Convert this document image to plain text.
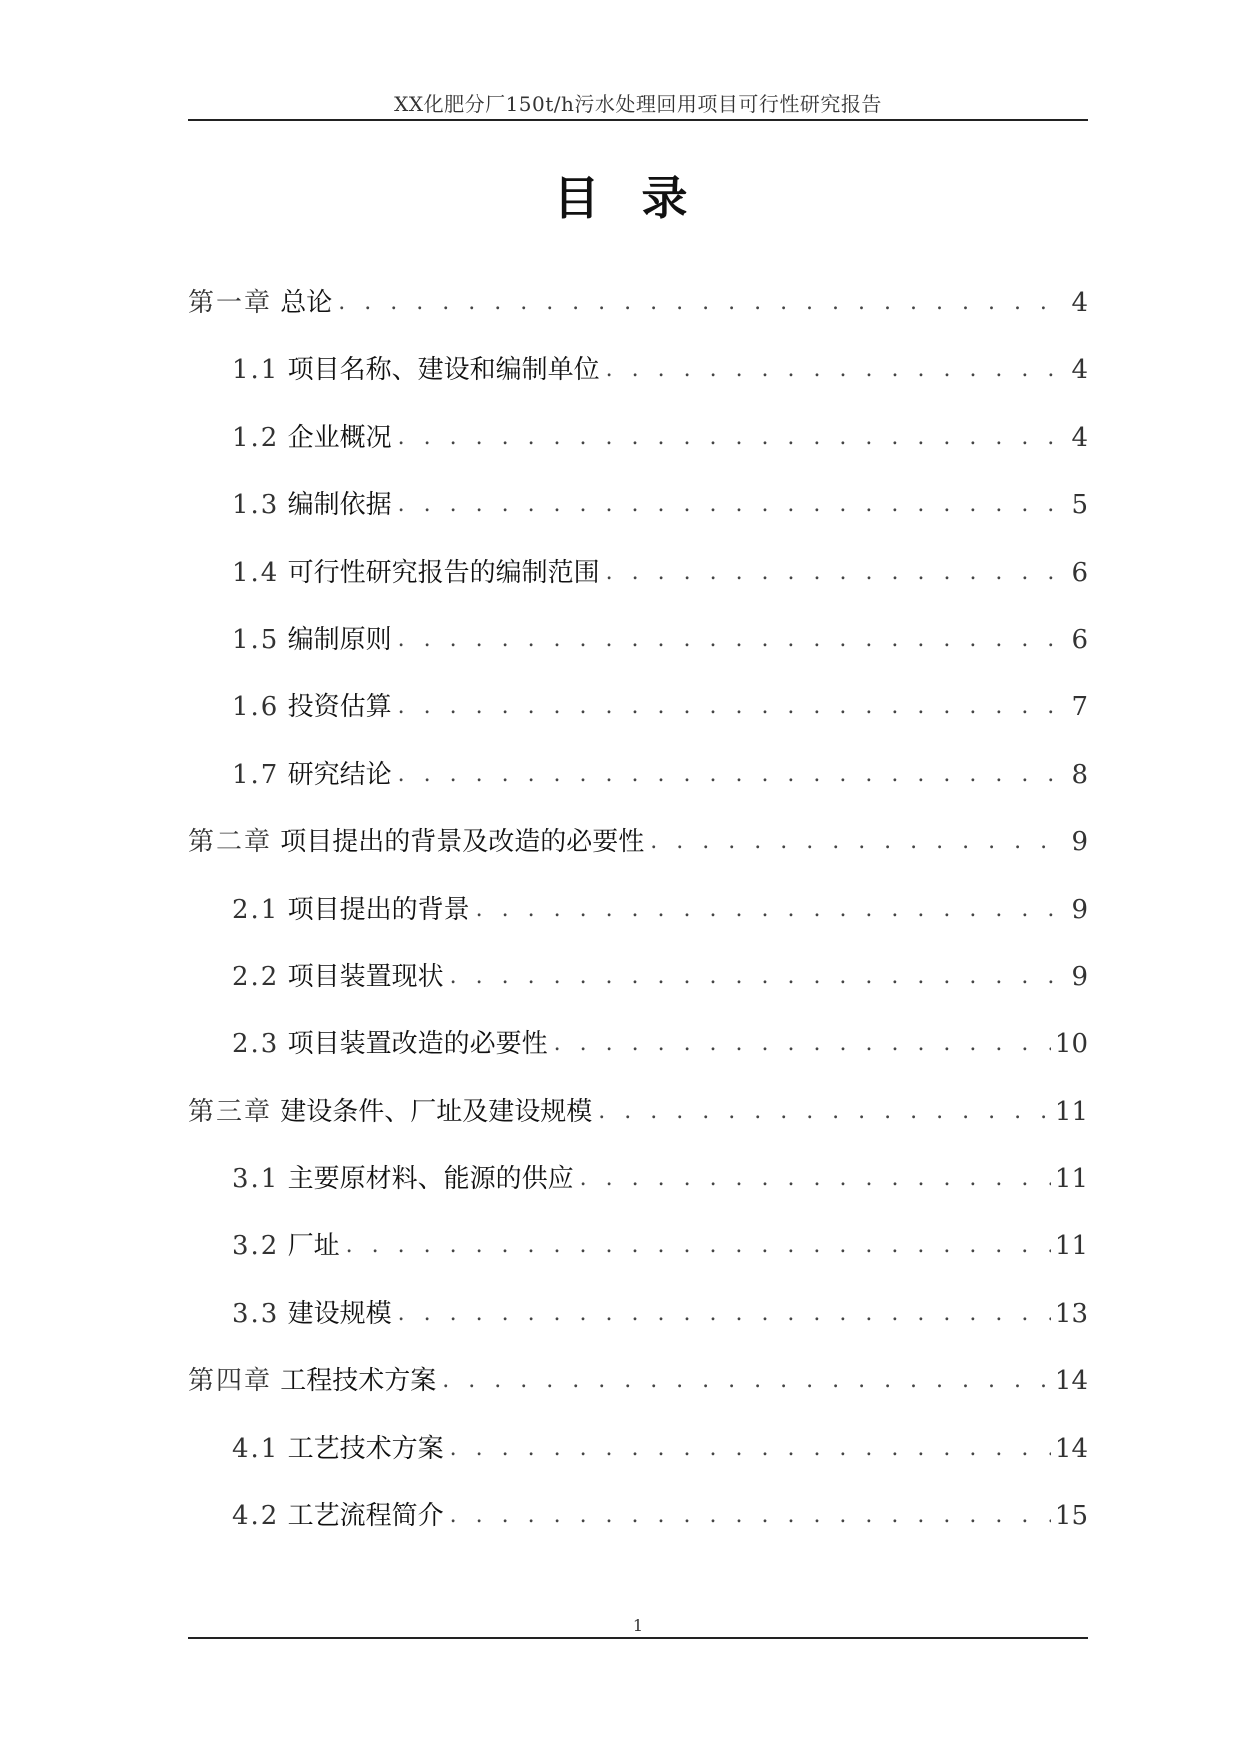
XX化肥分厂150t/h污水处理回用项目可行性研究报告
目录
第一章 总论 . . .	4
1.1 项目名称、建设和编制单位 . . .	4
1.2 企业概况 . . .	4
1.3 编制依据 . . .	5
1.4 可行性研究报告的编制范围 . . .	6
1.5 编制原则 . . .	6
1.6 投资估算 . . .	7
1.7 研究结论 . . .	8
第二章 项目提出的背景及改造的必要性 . . .	9
2.1 项目提出的背景 . . .	9
2.2 项目装置现状 . . .	9
2.3 项目装置改造的必要性 . . .	10
第三章 建设条件、厂址及建设规模 . . .	11
3.1 主要原材料、能源的供应 . . .	11
3.2 厂址 . . .	11
3.3 建设规模 . . .	13
第四章 工程技术方案 . . .	14
4.1 工艺技术方案 . . .	14
4.2 工艺流程简介 . . .	15
1
